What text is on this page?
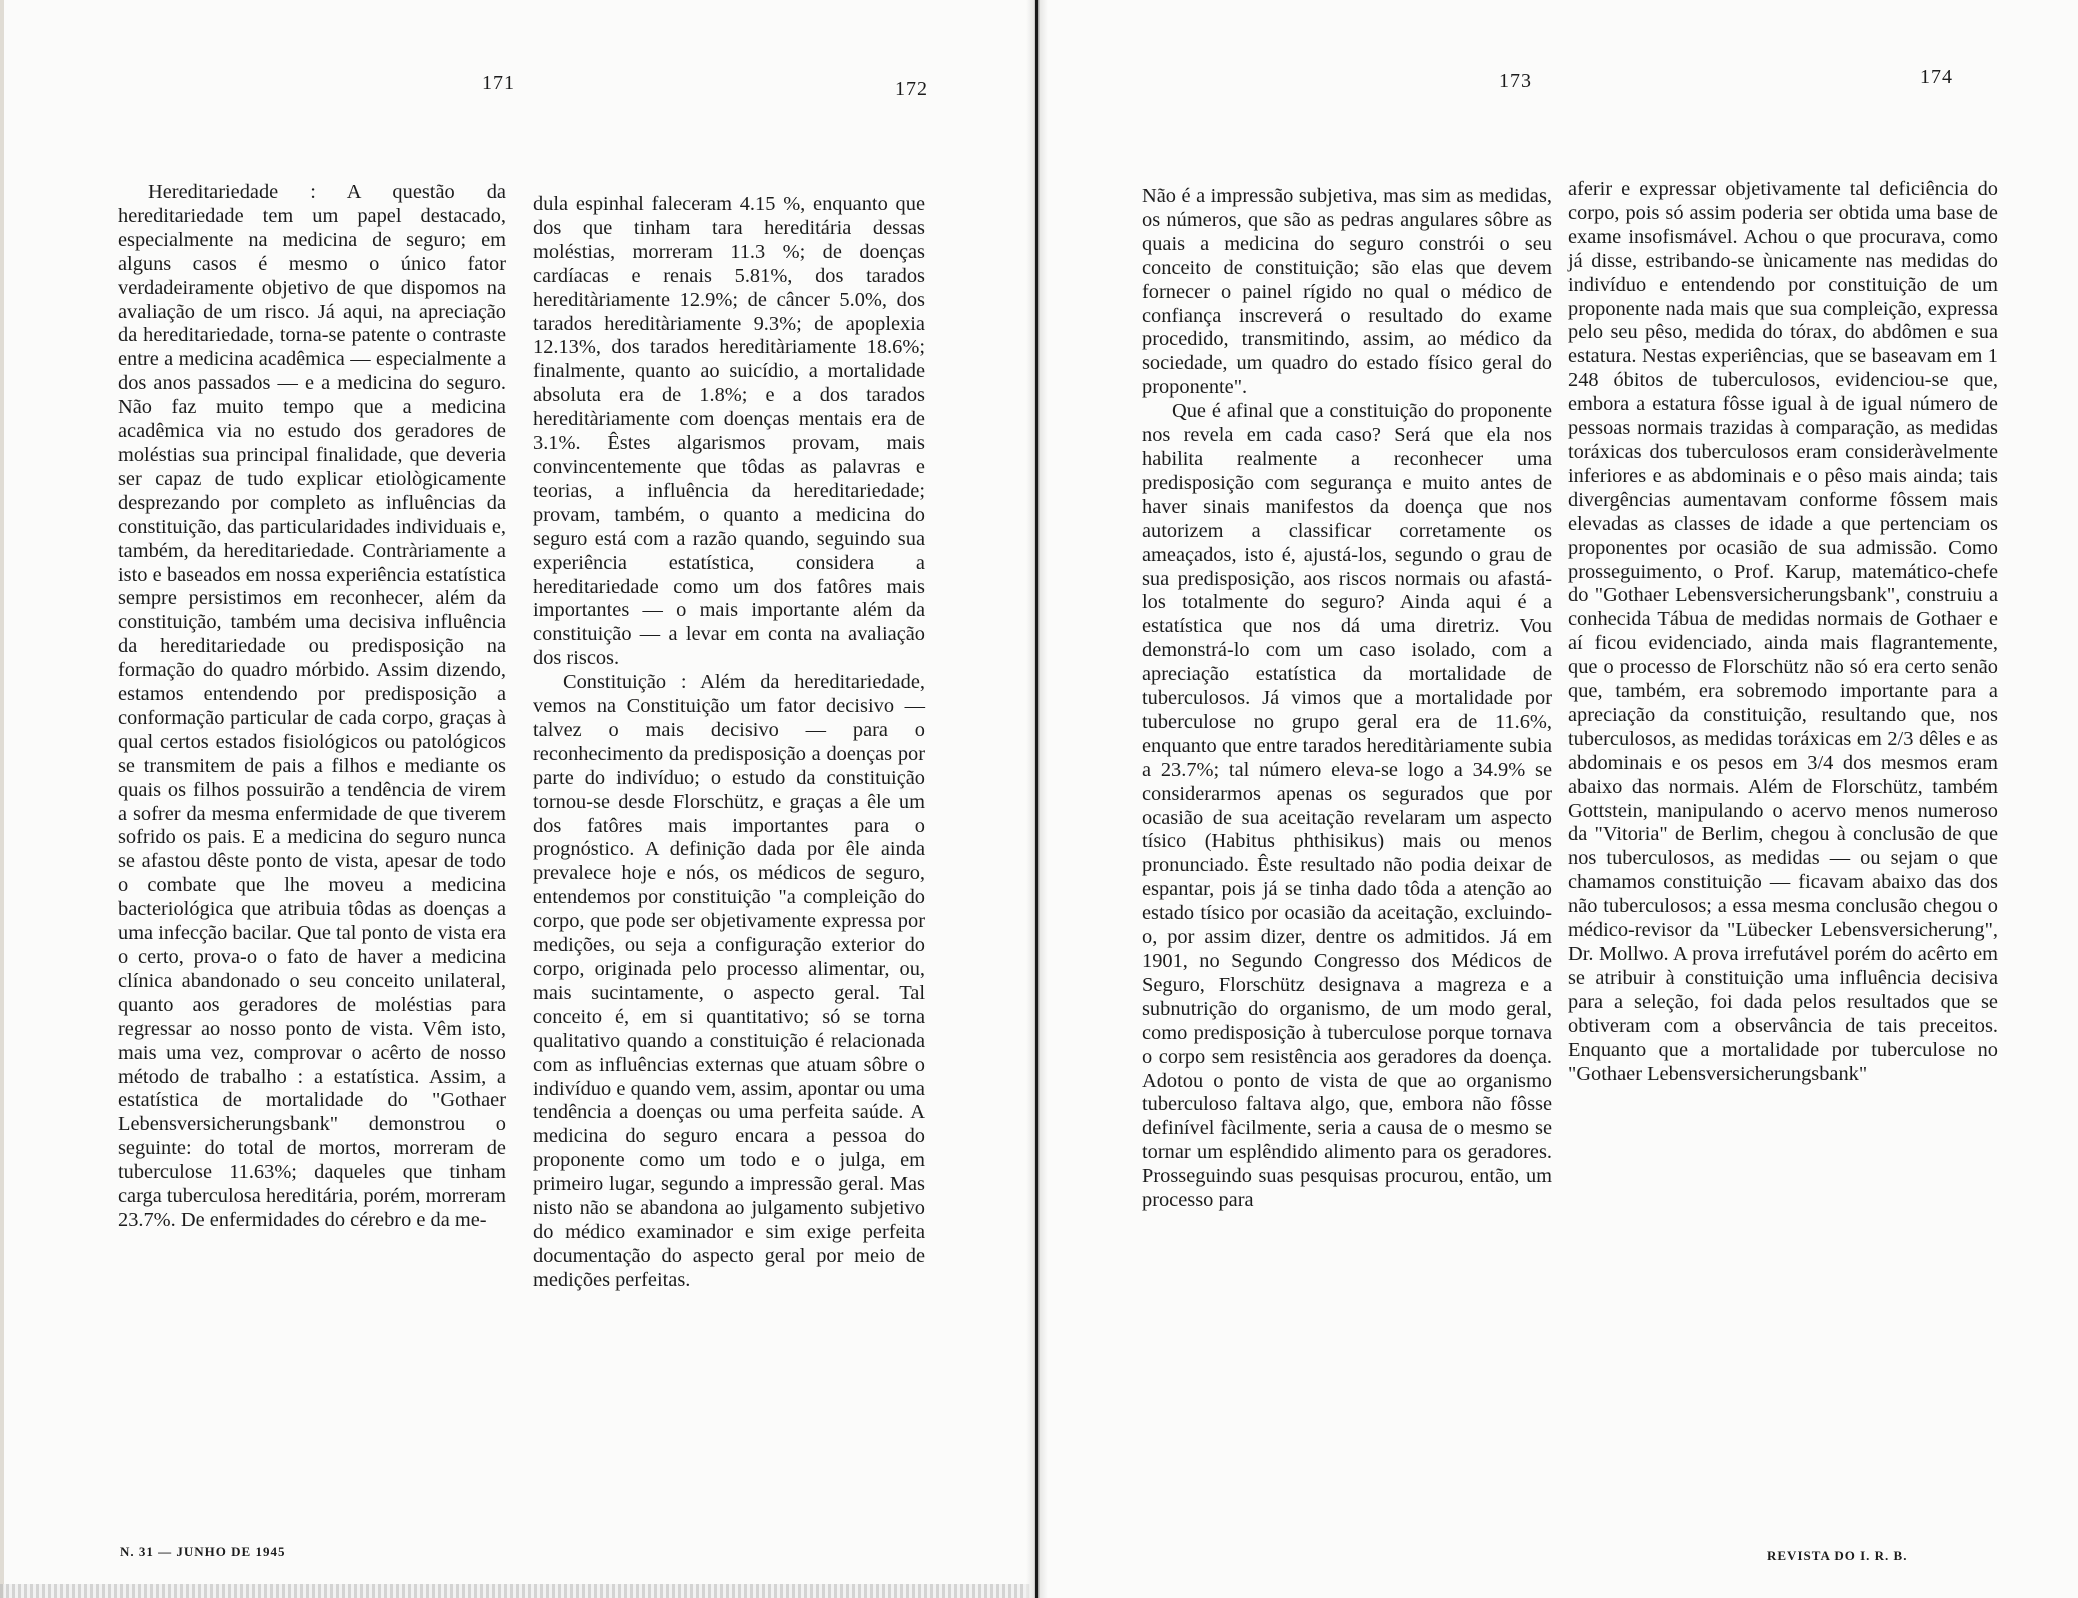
171	172

Hereditariedade : A questão da hereditariedade tem um papel destacado, especialmente na medicina de seguro; em alguns casos é mesmo o único fator verdadeiramente objetivo de que dispomos na avaliação de um risco. Já aqui, na apreciação da hereditariedade, torna-se patente o contraste entre a medicina acadêmica — especialmente a dos anos passados — e a medicina do seguro. Não faz muito tempo que a medicina acadêmica via no estudo dos geradores de moléstias sua principal finalidade, que deveria ser capaz de tudo explicar etiològicamente desprezando por completo as influências da constituição, das particularidades individuais e, também, da hereditariedade. Contràriamente a isto e baseados em nossa experiência estatística sempre persistimos em reconhecer, além da constituição, também uma decisiva influência da hereditariedade ou predisposição na formação do quadro mórbido. Assim dizendo, estamos entendendo por predisposição a conformação particular de cada corpo, graças à qual certos estados fisiológicos ou patológicos se transmitem de pais a filhos e mediante os quais os filhos possuirão a tendência de virem a sofrer da mesma enfermidade de que tiverem sofrido os pais. E a medicina do seguro nunca se afastou dêste ponto de vista, apesar de todo o combate que lhe moveu a medicina bacteriológica que atribuia tôdas as doenças a uma infecção bacilar. Que tal ponto de vista era o certo, prova-o o fato de haver a medicina clínica abandonado o seu conceito unilateral, quanto aos geradores de moléstias para regressar ao nosso ponto de vista. Vêm isto, mais uma vez, comprovar o acêrto de nosso método de trabalho : a estatística. Assim, a estatística de mortalidade do "Gothaer Lebensversicherungsbank" demonstrou o seguinte: do total de mortos, morreram de tuberculose 11.63%; daqueles que tinham carga tuberculosa hereditária, porém, morreram 23.7%. De enfermidades do cérebro e da me-

dula espinhal faleceram 4.15 %, enquanto que dos que tinham tara hereditária dessas moléstias, morreram 11.3 %; de doenças cardíacas e renais 5.81%, dos tarados hereditàriamente 12.9%; de câncer 5.0%, dos tarados hereditàriamente 9.3%; de apoplexia 12.13%, dos tarados hereditàriamente 18.6%; finalmente, quanto ao suicídio, a mortalidade absoluta era de 1.8%; e a dos tarados hereditàriamente com doenças mentais era de 3.1%. Êstes algarismos provam, mais convincentemente que tôdas as palavras e teorias, a influência da hereditariedade; provam, também, o quanto a medicina do seguro está com a razão quando, seguindo sua experiência estatística, considera a hereditariedade como um dos fatôres mais importantes — o mais importante além da constituição — a levar em conta na avaliação dos riscos.

Constituição : Além da hereditariedade, vemos na Constituição um fator decisivo — talvez o mais decisivo — para o reconhecimento da predisposição a doenças por parte do indivíduo; o estudo da constituição tornou-se desde Florschütz, e graças a êle um dos fatôres mais importantes para o prognóstico. A definição dada por êle ainda prevalece hoje e nós, os médicos de seguro, entendemos por constituição "a compleição do corpo, que pode ser objetivamente expressa por medições, ou seja a configuração exterior do corpo, originada pelo processo alimentar, ou, mais sucintamente, o aspecto geral. Tal conceito é, em si quantitativo; só se torna qualitativo quando a constituição é relacionada com as influências externas que atuam sôbre o indivíduo e quando vem, assim, apontar ou uma tendência a doenças ou uma perfeita saúde. A medicina do seguro encara a pessoa do proponente como um todo e o julga, em primeiro lugar, segundo a impressão geral. Mas nisto não se abandona ao julgamento subjetivo do médico examinador e sim exige perfeita documentação do aspecto geral por meio de medições perfeitas.

N. 31 — JUNHO DE 1945
173	174

Não é a impressão subjetiva, mas sim as medidas, os números, que são as pedras angulares sôbre as quais a medicina do seguro constrói o seu conceito de constituição; são elas que devem fornecer o painel rígido no qual o médico de confiança inscreverá o resultado do exame procedido, transmitindo, assim, ao médico da sociedade, um quadro do estado físico geral do proponente".

Que é afinal que a constituição do proponente nos revela em cada caso? Será que ela nos habilita realmente a reconhecer uma predisposição com segurança e muito antes de haver sinais manifestos da doença que nos autorizem a classificar corretamente os ameaçados, isto é, ajustá-los, segundo o grau de sua predisposição, aos riscos normais ou afastá-los totalmente do seguro? Ainda aqui é a estatística que nos dá uma diretriz. Vou demonstrá-lo com um caso isolado, com a apreciação estatística da mortalidade de tuberculosos. Já vimos que a mortalidade por tuberculose no grupo geral era de 11.6%, enquanto que entre tarados hereditàriamente subia a 23.7%; tal número eleva-se logo a 34.9% se considerarmos apenas os segurados que por ocasião de sua aceitação revelaram um aspecto tísico (Habitus phthisikus) mais ou menos pronunciado. Êste resultado não podia deixar de espantar, pois já se tinha dado tôda a atenção ao estado tísico por ocasião da aceitação, excluindo-o, por assim dizer, dentre os admitidos. Já em 1901, no Segundo Congresso dos Médicos de Seguro, Florschütz designava a magreza e a subnutrição do organismo, de um modo geral, como predisposição à tuberculose porque tornava o corpo sem resistência aos geradores da doença. Adotou o ponto de vista de que ao organismo tuberculoso faltava algo, que, embora não fôsse definível fàcilmente, seria a causa de o mesmo se tornar um esplêndido alimento para os geradores. Prosseguindo suas pesquisas procurou, então, um processo para

aferir e expressar objetivamente tal deficiência do corpo, pois só assim poderia ser obtida uma base de exame insofismável. Achou o que procurava, como já disse, estribando-se ùnicamente nas medidas do indivíduo e entendendo por constituição de um proponente nada mais que sua compleição, expressa pelo seu pêso, medida do tórax, do abdômen e sua estatura. Nestas experiências, que se baseavam em 1 248 óbitos de tuberculosos, evidenciou-se que, embora a estatura fôsse igual à de igual número de pessoas normais trazidas à comparação, as medidas toráxicas dos tuberculosos eram consideràvelmente inferiores e as abdominais e o pêso mais ainda; tais divergências aumentavam conforme fôssem mais elevadas as classes de idade a que pertenciam os proponentes por ocasião de sua admissão. Como prosseguimento, o Prof. Karup, matemático-chefe do "Gothaer Lebensversicherungsbank", construiu a conhecida Tábua de medidas normais de Gothaer e aí ficou evidenciado, ainda mais flagrantemente, que o processo de Florschütz não só era certo senão que, também, era sobremodo importante para a apreciação da constituição, resultando que, nos tuberculosos, as medidas toráxicas em 2/3 dêles e as abdominais e os pesos em 3/4 dos mesmos eram abaixo das normais. Além de Florschütz, também Gottstein, manipulando o acervo menos numeroso da "Vitoria" de Berlim, chegou à conclusão de que nos tuberculosos, as medidas — ou sejam o que chamamos constituição — ficavam abaixo das dos não tuberculosos; a essa mesma conclusão chegou o médico-revisor da "Lübecker Lebensversicherung", Dr. Mollwo. A prova irrefutável porém do acêrto em se atribuir à constituição uma influência decisiva para a seleção, foi dada pelos resultados que se obtiveram com a observância de tais preceitos. Enquanto que a mortalidade por tuberculose no "Gothaer Lebensversicherungsbank"

REVISTA DO I. R. B.
